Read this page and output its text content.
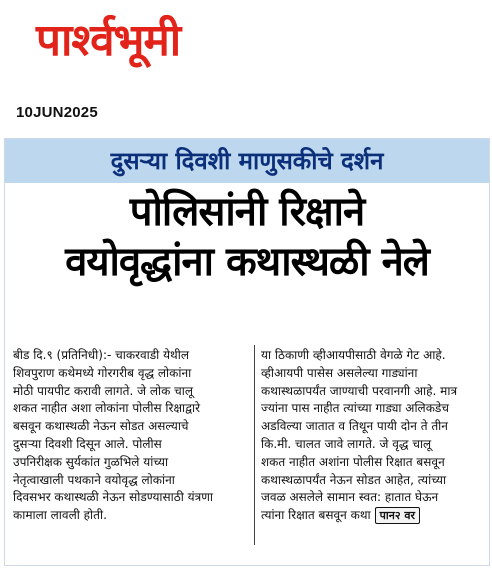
पार्श्वभूमी
10JUN2025
दुसऱ्या दिवशी माणुसकीचे दर्शन
पोलिसांनी रिक्षाने
वयोवृद्धांना कथास्थळी नेले
बीड दि.९ (प्रतिनिधी):- चाकरवाडी येथील
शिवपुराण कथेमध्ये गोरगरीब वृद्ध लोकांना
मोठी पायपीट करावी लागते. जे लोक चालू
शकत नाहीत अशा लोकांना पोलीस रिक्षाद्वारे
बसवून कथास्थळी नेऊन सोडत असल्याचे
दुसऱ्या दिवशी दिसून आले. पोलीस
उपनिरीक्षक सुर्यकांत गुळभिले यांच्या
नेतृत्वाखाली पथकाने वयोवृद्ध लोकांना
दिवसभर कथास्थळी नेऊन सोडण्यासाठी यंत्रणा
कामाला लावली होती.
या ठिकाणी व्हीआयपीसाठी वेगळे गेट आहे.
व्हीआयपी पासेस असलेल्या गाड्यांना
कथास्थळापर्यंत जाण्याची परवानगी आहे. मात्र
ज्यांना पास नाहीत त्यांच्या गाड्या अलिकडेच
अडविल्या जातात व तिथून पायी दोन ते तीन
कि.मी. चालत जावे लागते. जे वृद्ध चालू
शकत नाहीत अशांना पोलीस रिक्षात बसवून
कथास्थळापर्यंत नेऊन सोडत आहेत, त्यांच्या
जवळ असलेले सामान स्वत: हातात घेऊन
त्यांना रिक्षात बसवून कथा पान२ वर
